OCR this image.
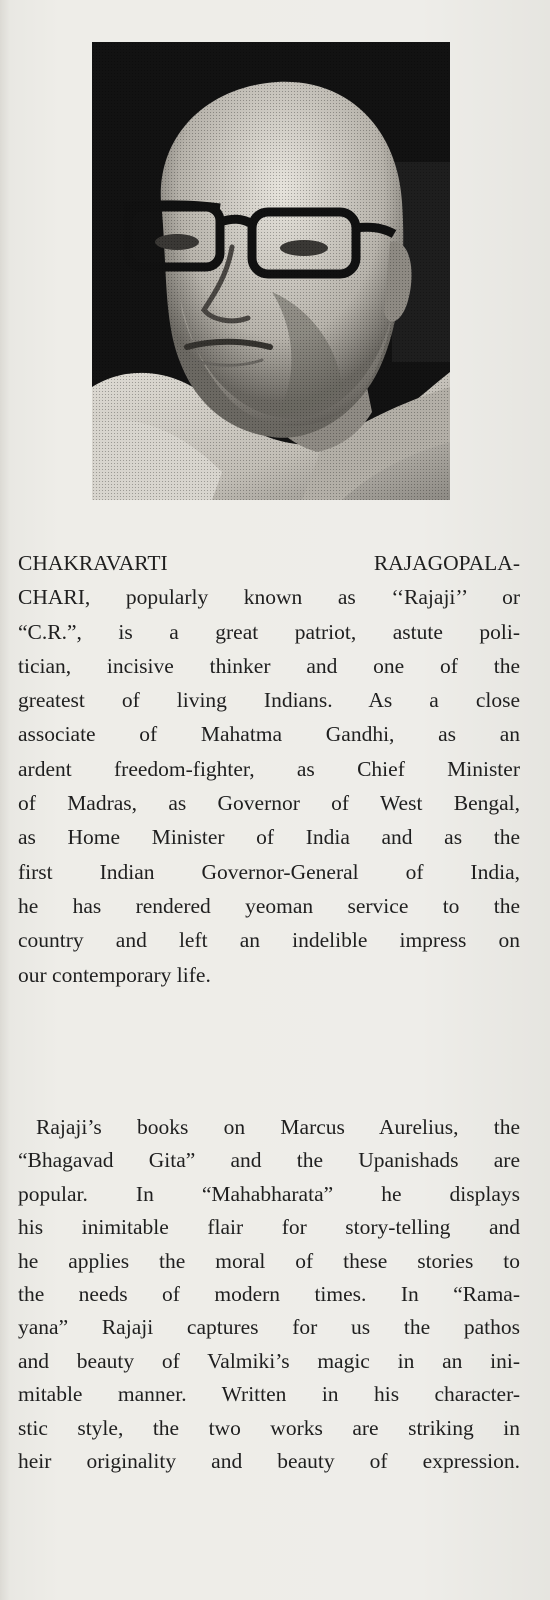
CHAKRAVARTI RAJAGOPALA-
CHARI, popularly known as ‘‘Rajaji’’ or
“C.R.”, is a great patriot, astute poli-
tician, incisive thinker and one of the
greatest of living Indians. As a close
associate of Mahatma Gandhi, as an
ardent freedom-fighter, as Chief Minister
of Madras, as Governor of West Bengal,
as Home Minister of India and as the
first Indian Governor-General of India,
he has rendered yeoman service to the
country and left an indelible impress on
our contemporary life.
Rajaji’s books on Marcus Aurelius, the
“Bhagavad Gita” and the Upanishads are
popular. In “Mahabharata” he displays
his inimitable flair for story-telling and
he applies the moral of these stories to
the needs of modern times. In “Rama-
yana” Rajaji captures for us the pathos
and beauty of Valmiki’s magic in an ini-
mitable manner. Written in his character-
stic style, the two works are striking in
heir originality and beauty of expression.
